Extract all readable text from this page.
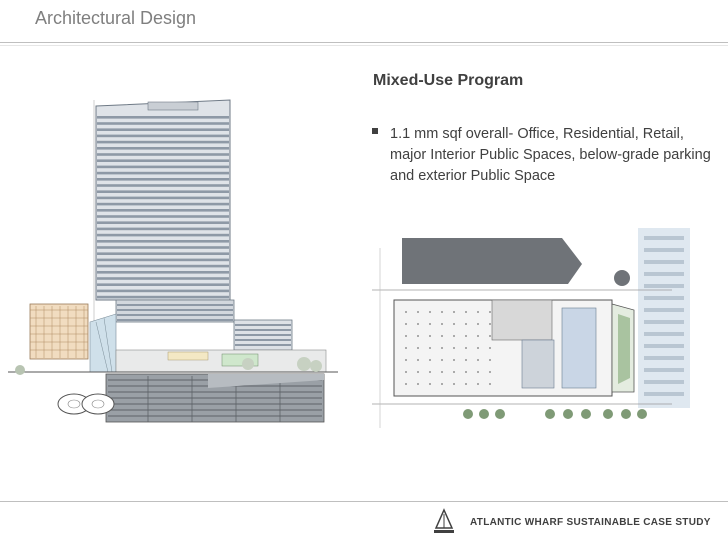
Architectural Design
Mixed-Use Program
1.1 mm sqf overall- Office, Residential, Retail, major Interior Public Spaces, below-grade parking and exterior Public Space
ATLANTIC WHARF SUSTAINABLE CASE STUDY
